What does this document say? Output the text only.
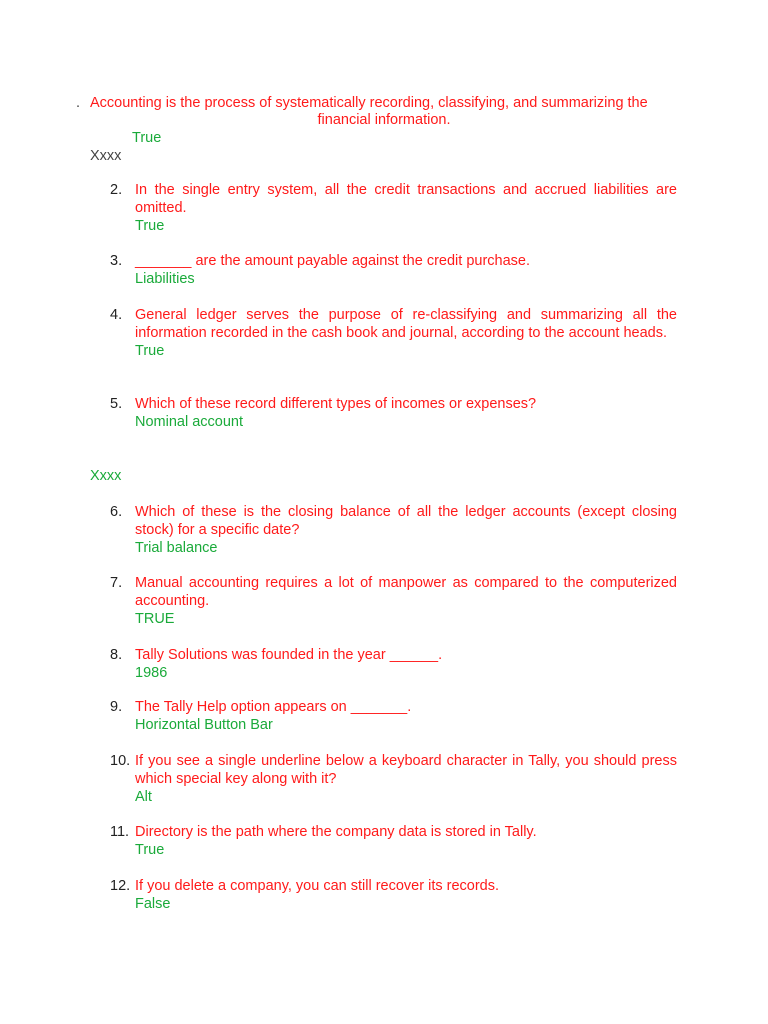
. Accounting is the process of systematically recording, classifying, and summarizing the
financial information.
True
Xxxx
2. In the single entry system, all the credit transactions and accrued liabilities are omitted.
True
3. _______ are the amount payable against the credit purchase.
Liabilities
4. General ledger serves the purpose of re-classifying and summarizing all the information recorded in the cash book and journal, according to the account heads.
True
5. Which of these record different types of incomes or expenses?
Nominal account
Xxxx
6. Which of these is the closing balance of all the ledger accounts (except closing stock) for a specific date?
Trial balance
7. Manual accounting requires a lot of manpower as compared to the computerized accounting.
TRUE
8. Tally Solutions was founded in the year ______.
1986
9. The Tally Help option appears on _______.
Horizontal Button Bar
10. If you see a single underline below a keyboard character in Tally, you should press which special key along with it?
Alt
11. Directory is the path where the company data is stored in Tally.
True
12. If you delete a company, you can still recover its records.
False
